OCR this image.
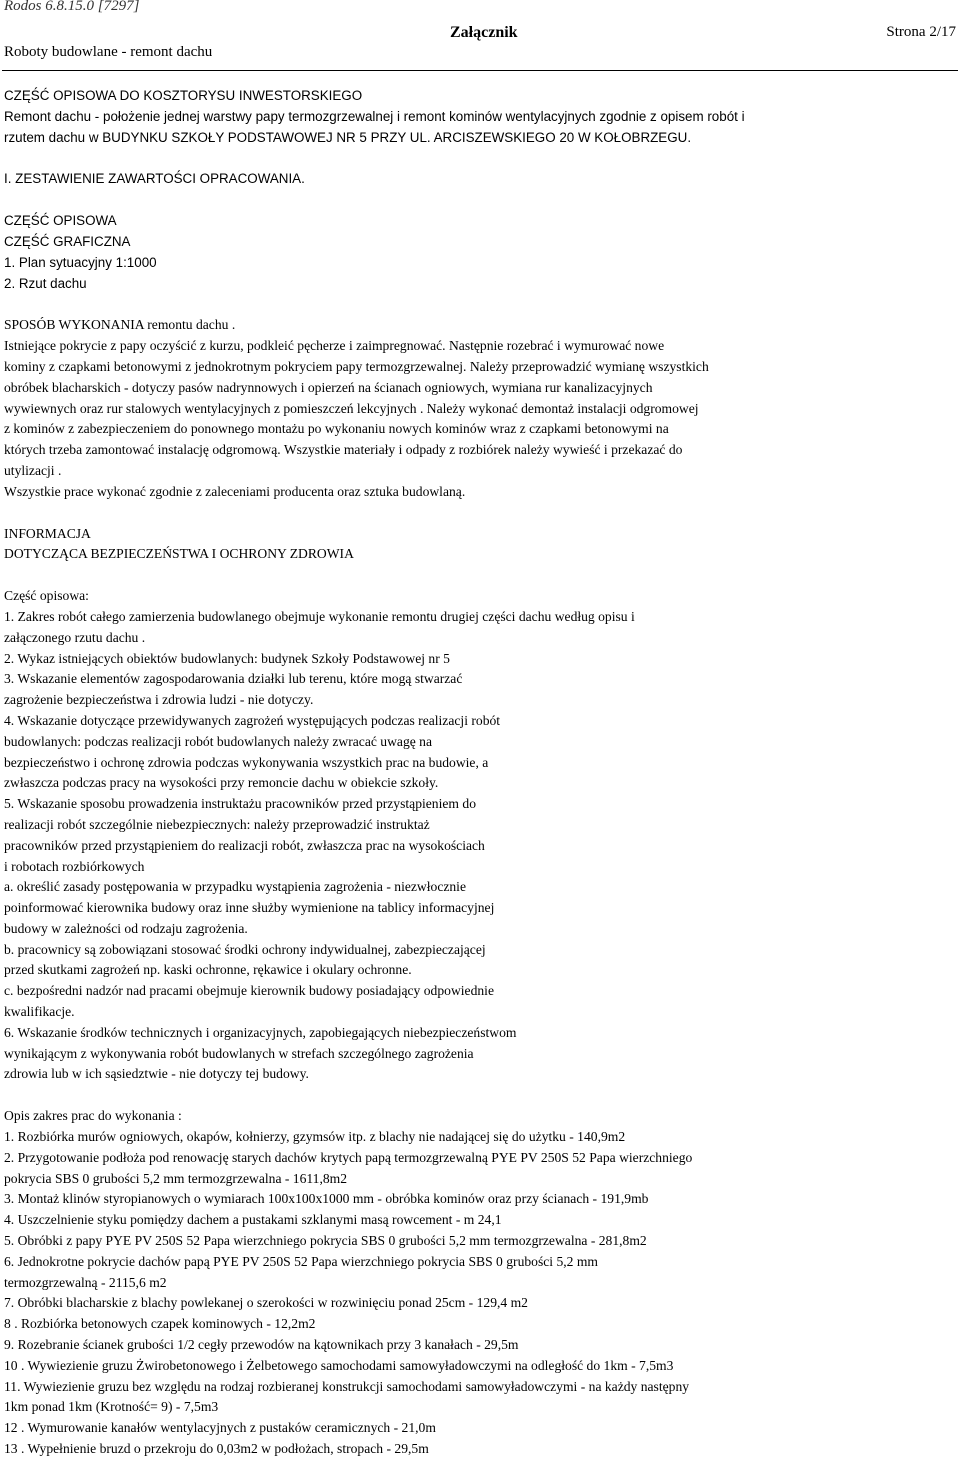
Rodos 6.8.15.0 [7297]
Roboty budowlane - remont dachu
Załącznik	Strona 2/17
CZĘŚĆ OPISOWA DO KOSZTORYSU INWESTORSKIEGO
Remont dachu - położenie jednej warstwy papy termozgrzewalnej i remont kominów wentylacyjnych zgodnie z opisem robót i
rzutem dachu w BUDYNKU SZKOŁY PODSTAWOWEJ NR 5 PRZY UL. ARCISZEWSKIEGO 20 W KOŁOBRZEGU.
I. ZESTAWIENIE ZAWARTOŚCI OPRACOWANIA.
CZĘŚĆ OPISOWA
CZĘŚĆ GRAFICZNA
1. Plan sytuacyjny 1:1000
2. Rzut dachu
SPOSÓB WYKONANIA remontu dachu .
Istniejące pokrycie z papy oczyścić z kurzu, podkleić pęcherze i zaimpregnować. Następnie rozebrać i wymurować nowe
kominy z czapkami betonowymi z jednokrotnym pokryciem papy termozgrzewalnej. Należy przeprowadzić wymianę wszystkich
obróbek blacharskich - dotyczy pasów nadrynnowych i opierzeń na ścianach ogniowych, wymiana rur kanalizacyjnych
wywiewnych oraz rur stalowych wentylacyjnych z pomieszczeń lekcyjnych . Należy wykonać demontaż instalacji odgromowej
z kominów z zabezpieczeniem do ponownego montażu po wykonaniu nowych kominów wraz z czapkami betonowymi na
których trzeba zamontować instalację odgromową. Wszystkie materiały i odpady z rozbiórek należy wywieść i przekazać do
utylizacji .
Wszystkie prace wykonać zgodnie z zaleceniami producenta oraz sztuka budowlaną.
INFORMACJA
DOTYCZĄCA BEZPIECZEŃSTWA I OCHRONY ZDROWIA
Część opisowa:
1. Zakres robót całego zamierzenia budowlanego obejmuje wykonanie remontu drugiej części dachu według opisu i
załączonego rzutu dachu .
2. Wykaz istniejących obiektów budowlanych: budynek Szkoły Podstawowej nr 5
3. Wskazanie elementów zagospodarowania działki lub terenu, które mogą stwarzać
zagrożenie bezpieczeństwa i zdrowia ludzi - nie dotyczy.
4. Wskazanie dotyczące przewidywanych zagrożeń występujących podczas realizacji robót
budowlanych: podczas realizacji robót budowlanych należy zwracać uwagę na
bezpieczeństwo i ochronę zdrowia podczas wykonywania wszystkich prac na budowie, a
zwłaszcza podczas pracy na wysokości przy remoncie dachu w obiekcie szkoły.
5. Wskazanie sposobu prowadzenia instruktażu pracowników przed przystąpieniem do
realizacji robót szczególnie niebezpiecznych: należy przeprowadzić instruktaż
pracowników przed przystąpieniem do realizacji robót, zwłaszcza prac na wysokościach
i robotach rozbiórkowych
a. określić zasady postępowania w przypadku wystąpienia zagrożenia - niezwłocznie
poinformować kierownika budowy oraz inne służby wymienione na tablicy informacyjnej
budowy w zależności od rodzaju zagrożenia.
b. pracownicy są zobowiązani stosować środki ochrony indywidualnej, zabezpieczającej
przed skutkami zagrożeń np. kaski ochronne, rękawice i okulary ochronne.
c. bezpośredni nadzór nad pracami obejmuje kierownik budowy posiadający odpowiednie
kwalifikacje.
6. Wskazanie środków technicznych i organizacyjnych, zapobiegających niebezpieczeństwom
wynikającym z wykonywania robót budowlanych w strefach szczególnego zagrożenia
zdrowia lub w ich sąsiedztwie - nie dotyczy tej budowy.
Opis zakres prac do wykonania :
1. Rozbiórka murów ogniowych, okapów, kołnierzy, gzymsów itp. z blachy nie nadającej się do użytku - 140,9m2
2. Przygotowanie podłoża pod renowację starych dachów krytych papą termozgrzewalną PYE PV 250S 52 Papa wierzchniego
pokrycia SBS 0 grubości 5,2 mm termozgrzewalna - 1611,8m2
3. Montaż klinów styropianowych o wymiarach 100x100x1000 mm - obróbka kominów oraz przy ścianach - 191,9mb
4. Uszczelnienie styku pomiędzy dachem a pustakami szklanymi masą rowcement - m 24,1
5. Obróbki z papy PYE PV 250S 52 Papa wierzchniego pokrycia SBS 0 grubości 5,2 mm termozgrzewalna - 281,8m2
6. Jednokrotne pokrycie dachów papą PYE PV 250S 52 Papa wierzchniego pokrycia SBS 0 grubości 5,2 mm
termozgrzewalną - 2115,6 m2
7. Obróbki blacharskie z blachy powlekanej o szerokości w rozwinięciu ponad 25cm - 129,4 m2
8 . Rozbiórka betonowych czapek kominowych - 12,2m2
9. Rozebranie ścianek grubości 1/2 cegły przewodów na kątownikach przy 3 kanałach - 29,5m
10 . Wywiezienie gruzu Żwirobetonowego i Żelbetowego samochodami samowyładowczymi na odległość do 1km - 7,5m3
11. Wywiezienie gruzu bez względu na rodzaj rozbieranej konstrukcji samochodami samowyładowczymi - na każdy następny
1km ponad 1km (Krotność= 9) - 7,5m3
12 . Wymurowanie kanałów wentylacyjnych z pustaków ceramicznych - 21,0m
13 . Wypełnienie bruzd o przekroju do 0,03m2 w podłożach, stropach - 29,5m
